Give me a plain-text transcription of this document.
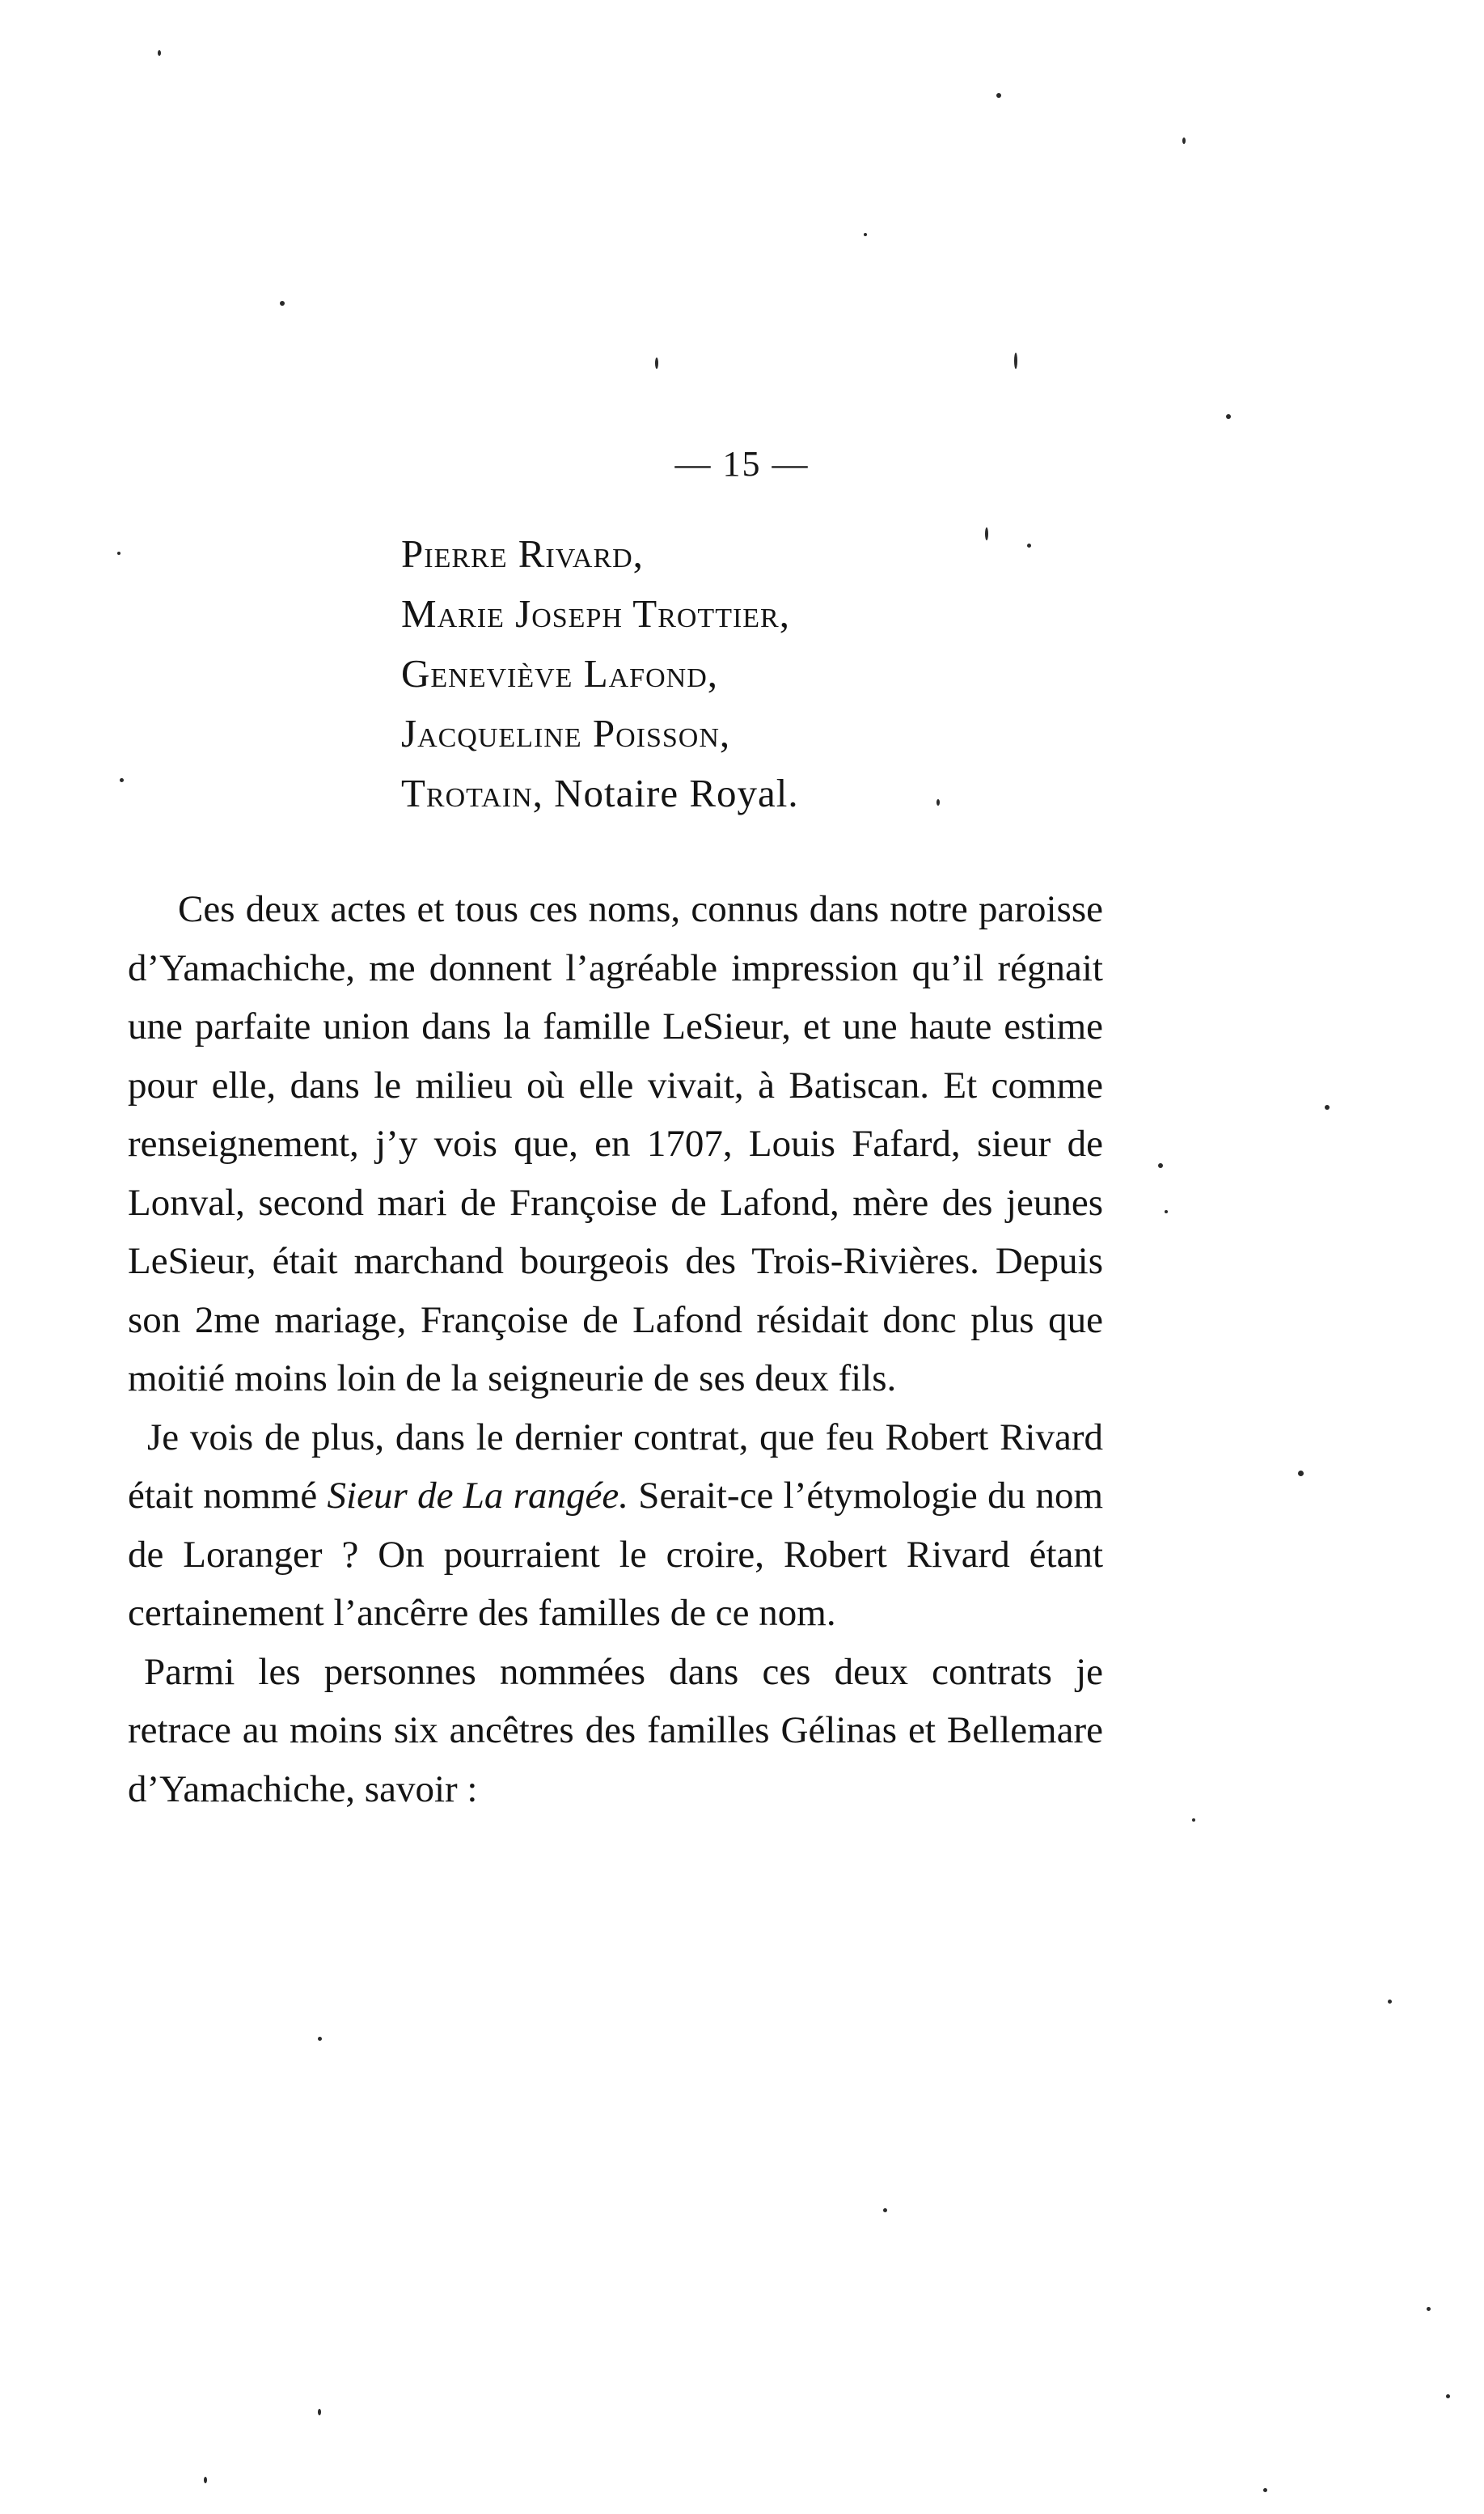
— 15 —
Pierre Rivard,
Marie Joseph Trottier,
Geneviève Lafond,
Jacqueline Poisson,
Trotain, Notaire Royal.

Ces deux actes et tous ces noms, connus dans notre paroisse d’Yamachiche, me donnent l’agréable impression qu’il régnait une parfaite union dans la famille LeSieur, et une haute estime pour elle, dans le milieu où elle vivait, à Batiscan. Et comme renseignement, j’y vois que, en 1707, Louis Fafard, sieur de Lonval, second mari de Françoise de Lafond, mère des jeunes LeSieur, était marchand bourgeois des Trois-Rivières. Depuis son 2me mariage, Françoise de Lafond résidait donc plus que moitié moins loin de la seigneurie de ses deux fils.

Je vois de plus, dans le dernier contrat, que feu Robert Rivard était nommé Sieur de La rangée. Serait-ce l’étymologie du nom de Loranger ? On pourraient le croire, Robert Rivard étant certainement l’ancêrre des familles de ce nom.

Parmi les personnes nommées dans ces deux contrats je retrace au moins six ancêtres des familles Gélinas et Bellemare d’Yamachiche, savoir :
